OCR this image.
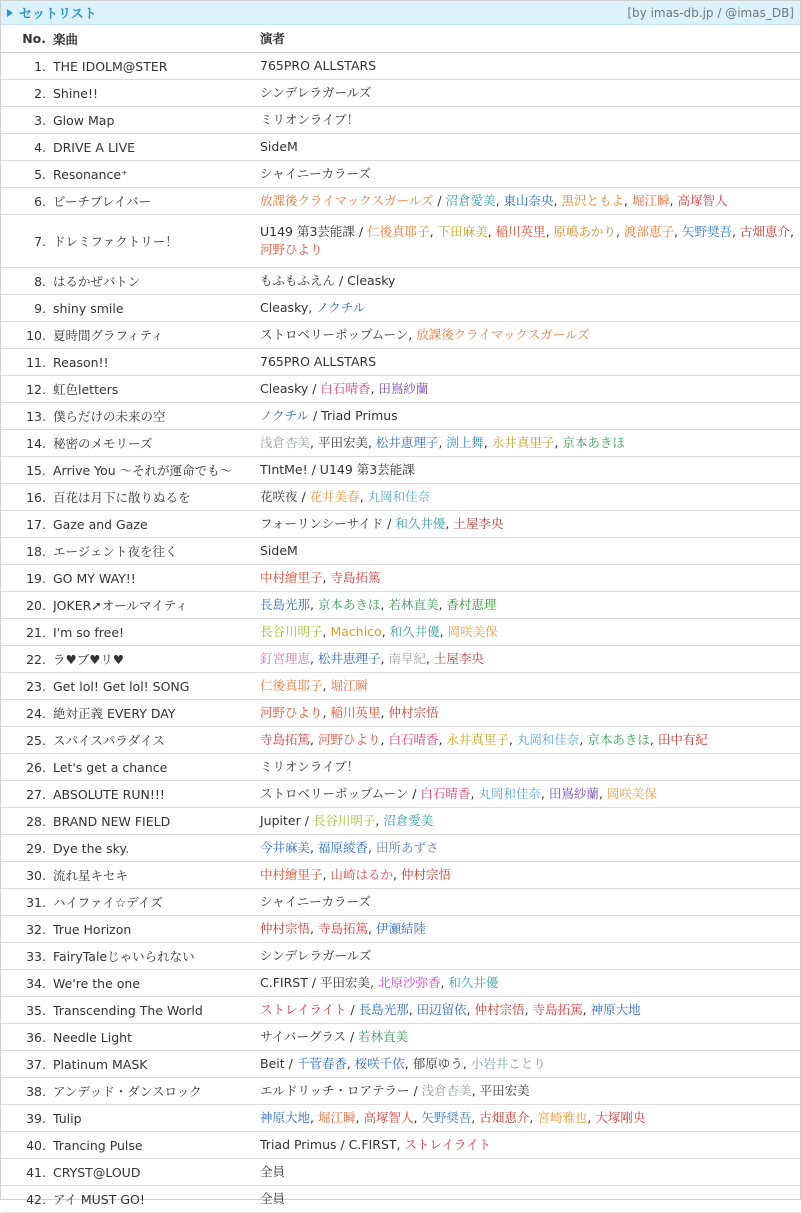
セットリスト	[by imas-db.jp / @imas_DB]
No.	楽曲	演者
1.	THE IDOLM@STER	765PRO ALLSTARS
2.	Shine!!	シンデレラガールズ
3.	Glow Map	ミリオンライブ！
4.	DRIVE A LIVE	SideM
5.	Resonance⁺	シャイニーカラーズ
6.	ビーチブレイバー	放課後クライマックスガールズ / 沼倉愛美, 東山奈央, 黒沢ともよ, 堀江瞬, 高塚智人
7.	ドレミファクトリー！	U149 第3芸能課 / 仁後真耶子, 下田麻美, 稲川英里, 原嶋あかり, 渡部恵子, 矢野奨吾, 古畑恵介, 河野ひより
8.	はるかぜバトン	もふもふえん / Cleasky
9.	shiny smile	Cleasky, ノクチル
10.	夏時間グラフィティ	ストロベリーポップムーン, 放課後クライマックスガールズ
11.	Reason!!	765PRO ALLSTARS
12.	虹色letters	Cleasky / 白石晴香, 田嶌紗蘭
13.	僕らだけの未来の空	ノクチル / Triad Primus
14.	秘密のメモリーズ	浅倉杏美, 平田宏美, 松井恵理子, 渕上舞, 永井真里子, 京本あきほ
15.	Arrive You 〜それが運命でも〜	TIntMe! / U149 第3芸能課
16.	百花は月下に散りぬるを	花咲夜 / 花井美春, 丸岡和佳奈
17.	Gaze and Gaze	フォーリンシーサイド / 和久井優, 土屋李央
18.	エージェント夜を往く	SideM
19.	GO MY WAY!!	中村繪里子, 寺島拓篤
20.	JOKER➚オールマイティ	長島光那, 京本あきほ, 若林直美, 香村恵理
21.	I'm so free!	長谷川明子, Machico, 和久井優, 岡咲美保
22.	ラ♥ブ♥リ♥	釘宮理恵, 松井恵理子, 南早紀, 土屋李央
23.	Get lol! Get lol! SONG	仁後真耶子, 堀江瞬
24.	絶対正義 EVERY DAY	河野ひより, 稲川英里, 仲村宗悟
25.	スパイスパラダイス	寺島拓篤, 河野ひより, 白石晴香, 永井真里子, 丸岡和佳奈, 京本あきほ, 田中有紀
26.	Let's get a chance	ミリオンライブ！
27.	ABSOLUTE RUN!!!	ストロベリーポップムーン / 白石晴香, 丸岡和佳奈, 田嶌紗蘭, 岡咲美保
28.	BRAND NEW FIELD	Jupiter / 長谷川明子, 沼倉愛美
29.	Dye the sky.	今井麻美, 福原綾香, 田所あずさ
30.	流れ星キセキ	中村繪里子, 山崎はるか, 仲村宗悟
31.	ハイファイ☆デイズ	シャイニーカラーズ
32.	True Horizon	仲村宗悟, 寺島拓篤, 伊瀬結陸
33.	FairyTaleじゃいられない	シンデレラガールズ
34.	We're the one	C.FIRST / 平田宏美, 北原沙弥香, 和久井優
35.	Transcending The World	ストレイライト / 長島光那, 田辺留依, 仲村宗悟, 寺島拓篤, 神原大地
36.	Needle Light	サイバーグラス / 若林直美
37.	Platinum MASK	Beit / 千菅春香, 桜咲千依, 郁原ゆう, 小岩井ことり
38.	アンデッド・ダンスロック	エルドリッチ・ロアテラー / 浅倉杏美, 平田宏美
39.	Tulip	神原大地, 堀江瞬, 高塚智人, 矢野奨吾, 古畑恵介, 宮崎雅也, 大塚剛央
40.	Trancing Pulse	Triad Primus / C.FIRST, ストレイライト
41.	CRYST@LOUD	全員
42.	アイ MUST GO!	全員
